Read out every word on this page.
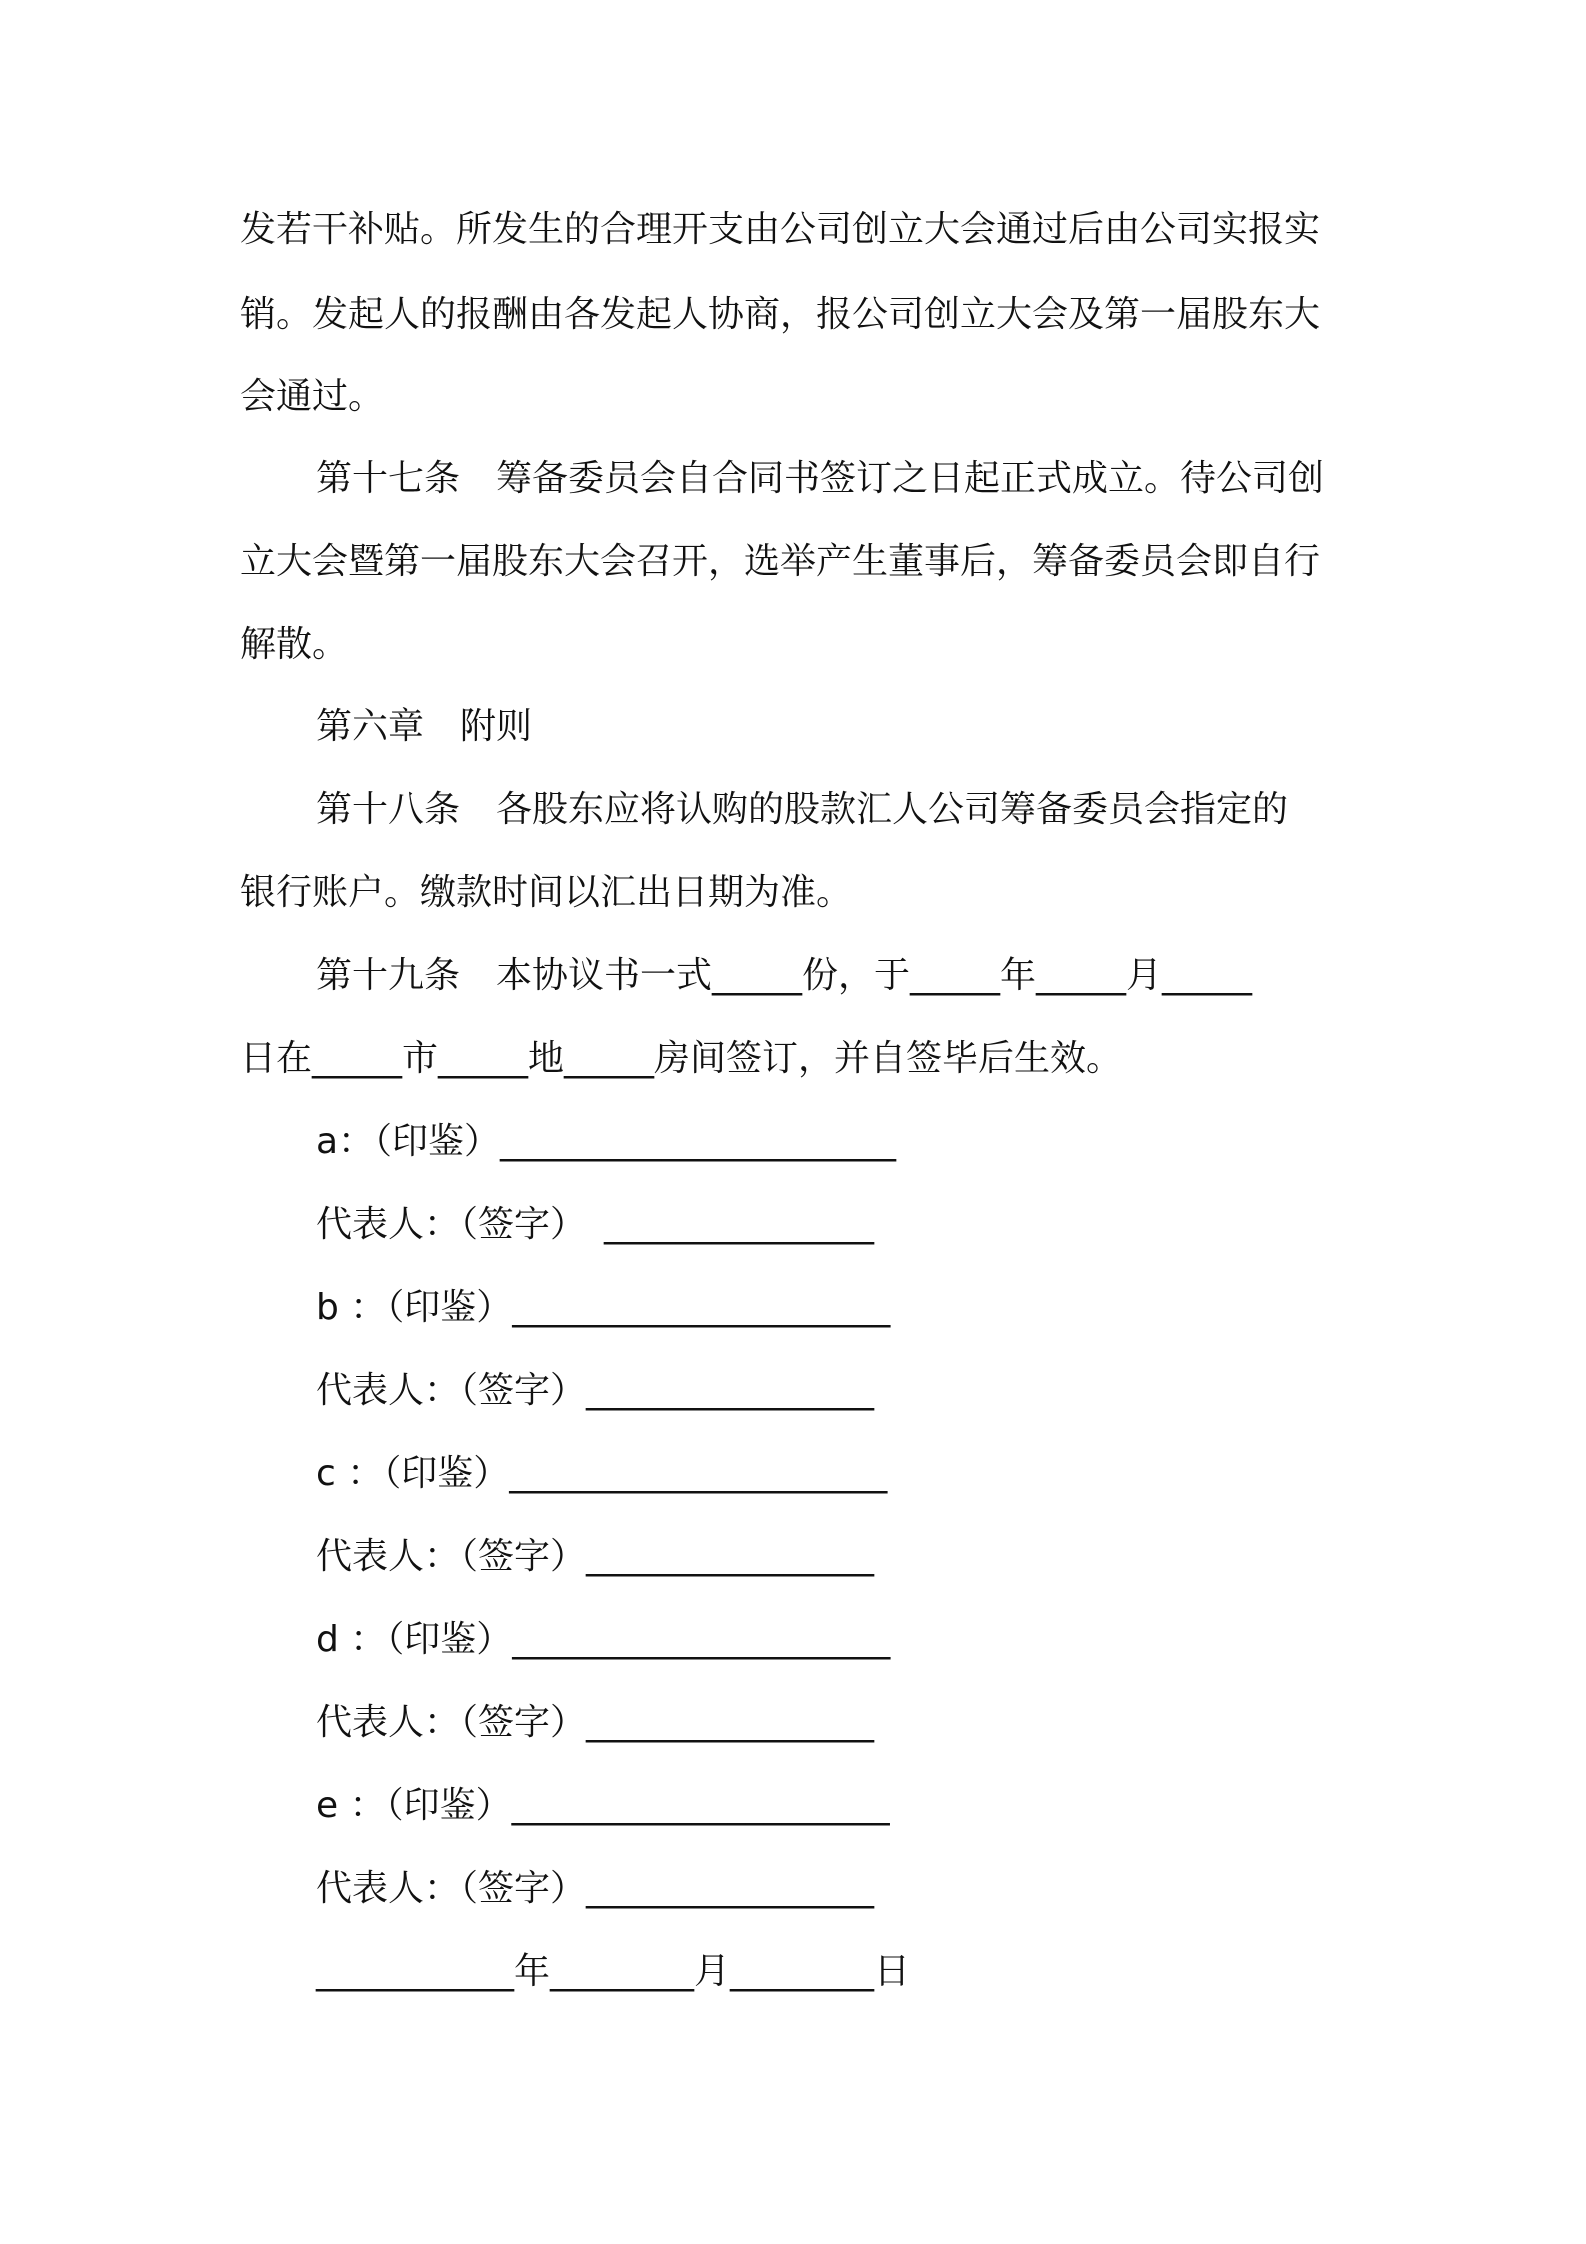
发若干补贴。所发生的合理开支由公司创立大会通过后由公司实报实
销。发起人的报酬由各发起人协商，报公司创立大会及第一届股东大
会通过。
第十七条　筹备委员会自合同书签订之日起正式成立。待公司创
立大会暨第一届股东大会召开，选举产生董事后，筹备委员会即自行
解散。
第六章　附则
第十八条　各股东应将认购的股款汇人公司筹备委员会指定的
银行账户。缴款时间以汇出日期为准。
第十九条　本协议书一式_____份，于_____年_____月_____
日在_____市_____地_____房间签订，并自签毕后生效。
a：（印鉴）______________________
代表人：（签字）　_______________
b ：（印鉴）_____________________
代表人：（签字）________________
c ：（印鉴）_____________________
代表人：（签字）________________
d ：（印鉴）_____________________
代表人：（签字）________________
e ：（印鉴）_____________________
代表人：（签字）________________
___________年________月________日
